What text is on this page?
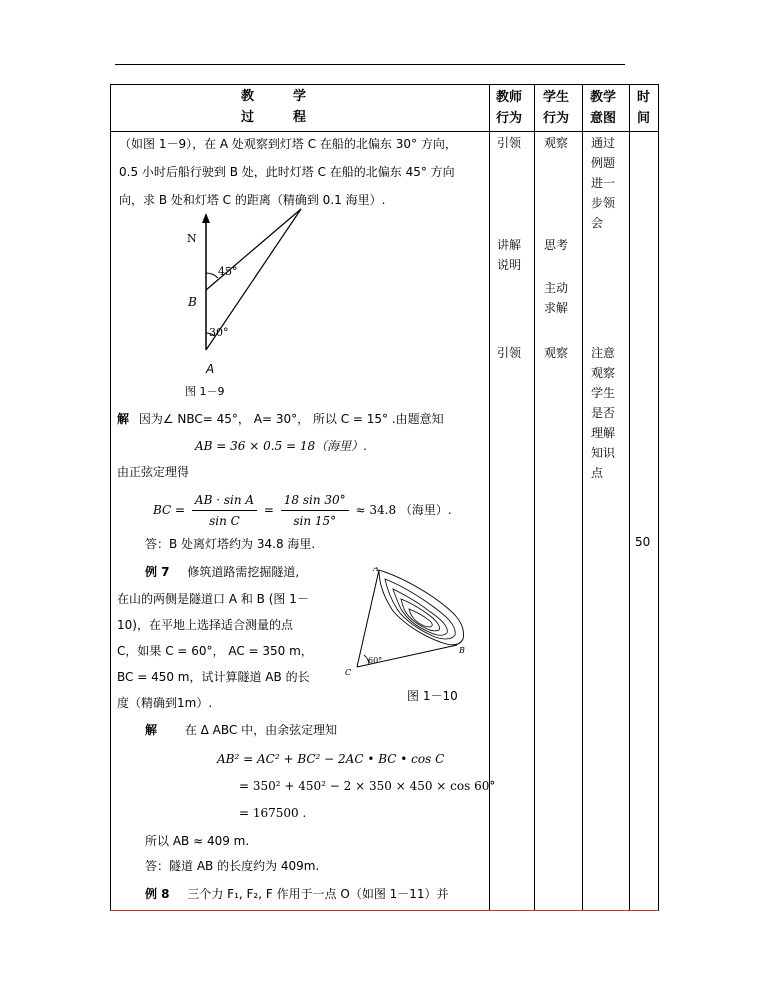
教　　　学
过　　　程
教师行为
学生行为
教学意图
时间
（如图 1－9），在 A 处观察到灯塔 C 在船的北偏东 30° 方向，
0.5 小时后船行驶到 B 处，此时灯塔 C 在船的北偏东 45° 方向
向，求 B 处和灯塔 C 的距离（精确到 0.1 海里）.
N
45°
B
30°
A
图 1－9
解 因为∠ NBC= 45°， A= 30°， 所以 C = 15° .由题意知
AB = 36 × 0.5 = 18（海里）.
由正弦定理得
BC = $\frac{\text{AB · sin A}}{\text{sin C}} = \frac{18 \sin 30^\circ}{\sin 15^\circ} \approx 34.8$ （海里）.
答：B 处离灯塔约为 34.8 海里.
例 7 修筑道路需挖掘隧道,
在山的两侧是隧道口 A 和 B (图 1－
10)，在平地上选择适合测量的点
C，如果 C = 60°， AC = 350 m，
BC = 450 m，试计算隧道 AB 的长
度（精确到1m）.
A
B
C
60°
图 1－10
解 在 Δ ABC 中，由余弦定理知
AB² = AC² + BC² − 2AC • BC • cos C
= 350² + 450² − 2 × 350 × 450 × cos 60°
= 167500 .
所以 AB ≈ 409 m.
答：隧道 AB 的长度约为 409m.
例 8 三个力 F₁, F₂, F 作用于一点 O（如图 1－11）并
引领
讲解说明
引领
观察
思考
主动求解
观察
通过例题进一步领会
注意观察学生是否理解知识点
50
